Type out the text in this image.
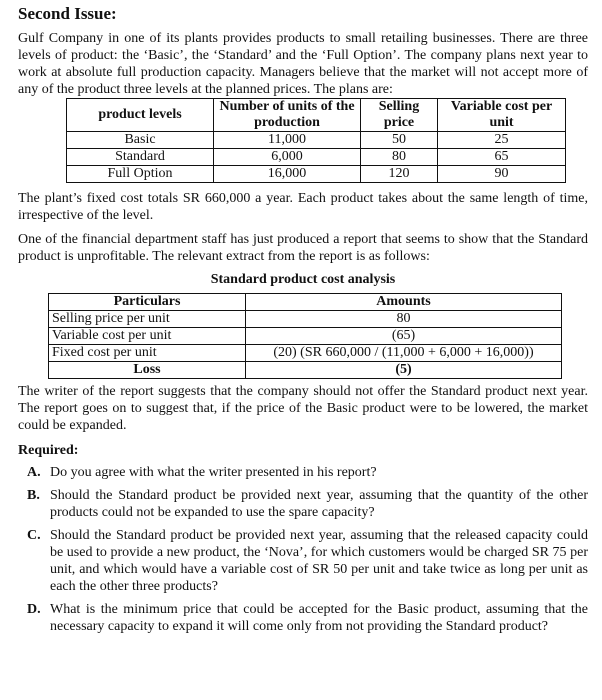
Second Issue:

Gulf Company in one of its plants provides products to small retailing businesses. There are three levels of product: the ‘Basic’, the ‘Standard’ and the ‘Full Option’. The company plans next year to work at absolute full production capacity. Managers believe that the market will not accept more of any of the product three levels at the planned prices. The plans are:

product levels	Number of units of the production	Selling price	Variable cost per unit
Basic	11,000	50	25
Standard	6,000	80	65
Full Option	16,000	120	90

The plant’s fixed cost totals SR 660,000 a year. Each product takes about the same length of time, irrespective of the level.

One of the financial department staff has just produced a report that seems to show that the Standard product is unprofitable. The relevant extract from the report is as follows:

Standard product cost analysis
Particulars	Amounts
Selling price per unit	80
Variable cost per unit	(65)
Fixed cost per unit	(20) (SR 660,000 / (11,000 + 6,000 + 16,000))
Loss	(5)

The writer of the report suggests that the company should not offer the Standard product next year. The report goes on to suggest that, if the price of the Basic product were to be lowered, the market could be expanded.

Required:
A. Do you agree with what the writer presented in his report?
B. Should the Standard product be provided next year, assuming that the quantity of the other products could not be expanded to use the spare capacity?
C. Should the Standard product be provided next year, assuming that the released capacity could be used to provide a new product, the ‘Nova’, for which customers would be charged SR 75 per unit, and which would have a variable cost of SR 50 per unit and take twice as long per unit as each the other three products?
D. What is the minimum price that could be accepted for the Basic product, assuming that the necessary capacity to expand it will come only from not providing the Standard product?
